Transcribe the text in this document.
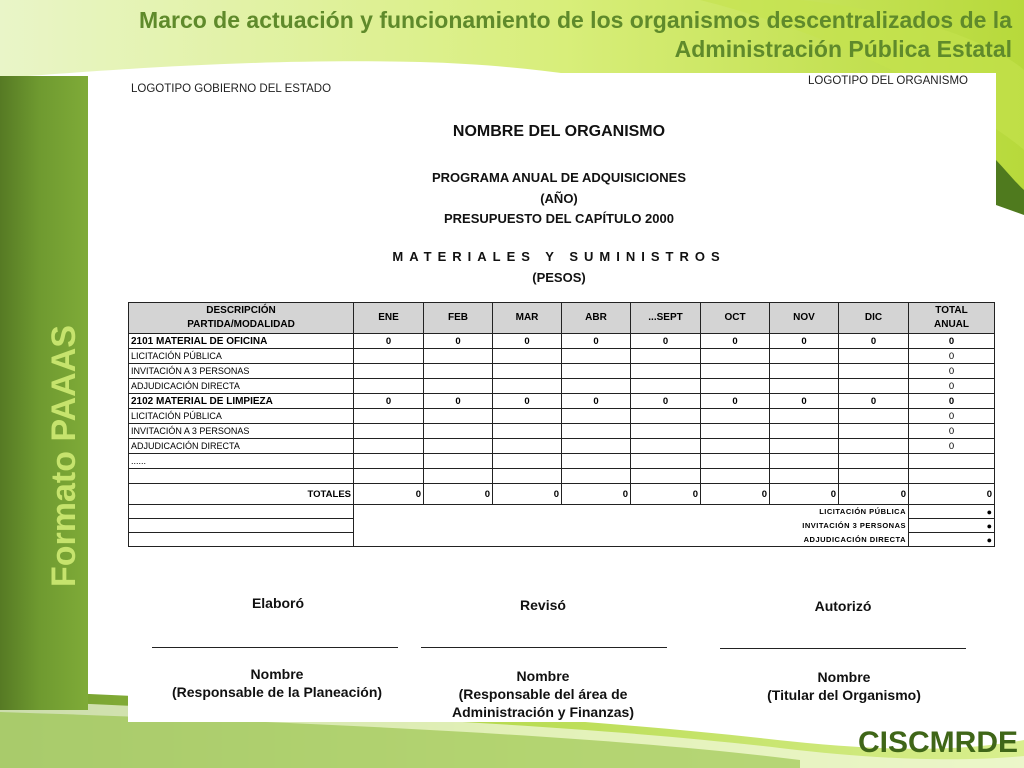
Marco de actuación y funcionamiento de los organismos descentralizados de la
Administración Pública Estatal
Formato PAAAS
LOGOTIPO GOBIERNO DEL ESTADO
LOGOTIPO DEL ORGANISMO
NOMBRE DEL ORGANISMO
PROGRAMA ANUAL DE ADQUISICIONES
(AÑO)
PRESUPUESTO DEL CAPÍTULO 2000
MATERIALES Y SUMINISTROS
(PESOS)
DESCRIPCIÓN
PARTIDA/MODALIDAD	ENE	FEB	MAR	ABR	...SEPT	OCT	NOV	DIC	TOTAL
ANUAL
2101 MATERIAL DE OFICINA	0	0	0	0	0	0	0	0	0
LICITACIÓN PÚBLICA									0
INVITACIÓN A 3 PERSONAS									0
ADJUDICACIÓN DIRECTA									0
2102 MATERIAL DE LIMPIEZA	0	0	0	0	0	0	0	0	0
LICITACIÓN PÚBLICA									0
INVITACIÓN A 3 PERSONAS									0
ADJUDICACIÓN DIRECTA									0
......									

TOTALES	0	0	0	0	0	0	0	0	0
	LICITACIÓN PÚBLICA								●
	INVITACIÓN 3 PERSONAS								●
	ADJUDICACIÓN DIRECTA								●
Elaboró	Revisó	Autorizó
Nombre
(Responsable de la Planeación)
Nombre
(Responsable del área de
Administración y Finanzas)
Nombre
(Titular del Organismo)
CISCMRDE
